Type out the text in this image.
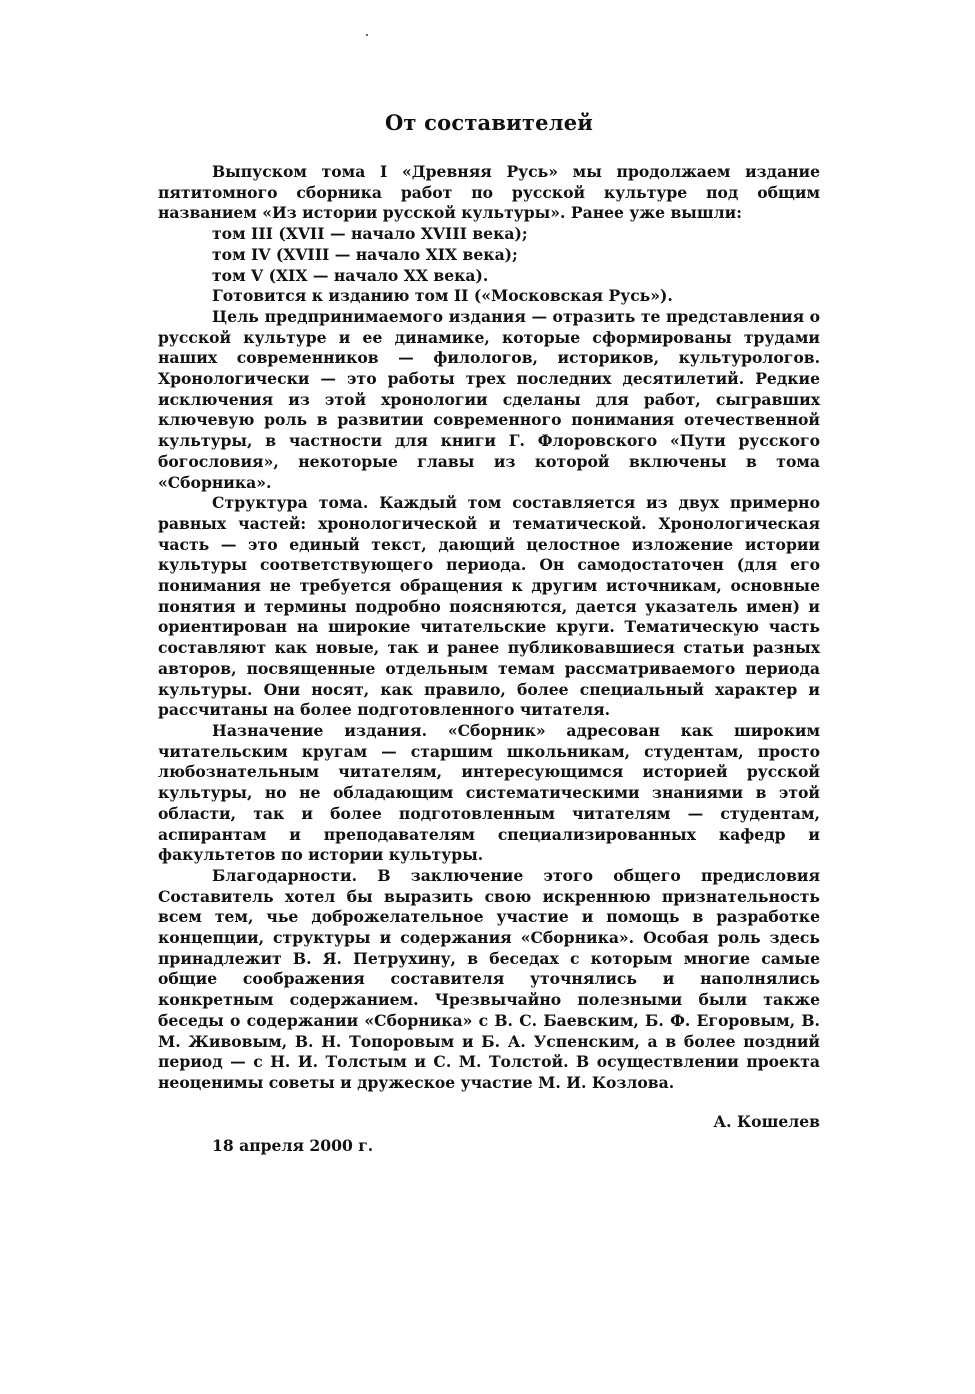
От составителей

Выпуском тома I «Древняя Русь» мы продолжаем издание пятитомного сборника работ по русской культуре под общим названием «Из истории русской культуры». Ранее уже вышли:

том III (XVII — начало XVIII века);
том IV (XVIII — начало XIX века);
том V (XIX — начало XX века).
Готовится к изданию том II («Московская Русь»).

Цель предпринимаемого издания — отразить те представления о русской культуре и ее динамике, которые сформированы трудами наших современников — филологов, историков, культурологов. Хронологически — это работы трех последних десятилетий. Редкие исключения из этой хронологии сделаны для работ, сыгравших ключевую роль в развитии современного понимания отечественной культуры, в частности для книги Г. Флоровского «Пути русского богословия», некоторые главы из которой включены в тома «Сборника».

Структура тома. Каждый том составляется из двух примерно равных частей: хронологической и тематической. Хронологическая часть — это единый текст, дающий целостное изложение истории культуры соответствующего периода. Он самодостаточен (для его понимания не требуется обращения к другим источникам, основные понятия и термины подробно поясняются, дается указатель имен) и ориентирован на широкие читательские круги. Тематическую часть составляют как новые, так и ранее публиковавшиеся статьи разных авторов, посвященные отдельным темам рассматриваемого периода культуры. Они носят, как правило, более специальный характер и рассчитаны на более подготовленного читателя.

Назначение издания. «Сборник» адресован как широким читательским кругам — старшим школьникам, студентам, просто любознательным читателям, интересующимся историей русской культуры, но не обладающим систематическими знаниями в этой области, так и более подготовленным читателям — студентам, аспирантам и преподавателям специализированных кафедр и факультетов по истории культуры.

Благодарности. В заключение этого общего предисловия Составитель хотел бы выразить свою искреннюю признательность всем тем, чье доброжелательное участие и помощь в разработке концепции, структуры и содержания «Сборника». Особая роль здесь принадлежит В. Я. Петрухину, в беседах с которым многие самые общие соображения составителя уточнялись и наполнялись конкретным содержанием. Чрезвычайно полезными были также беседы о содержании «Сборника» с В. С. Баевским, Б. Ф. Егоровым, В. М. Живовым, В. Н. Топоровым и Б. А. Успенским, а в более поздний период — с Н. И. Толстым и С. М. Толстой. В осуществлении проекта неоценимы советы и дружеское участие М. И. Козлова.

А. Кошелев
18 апреля 2000 г.
